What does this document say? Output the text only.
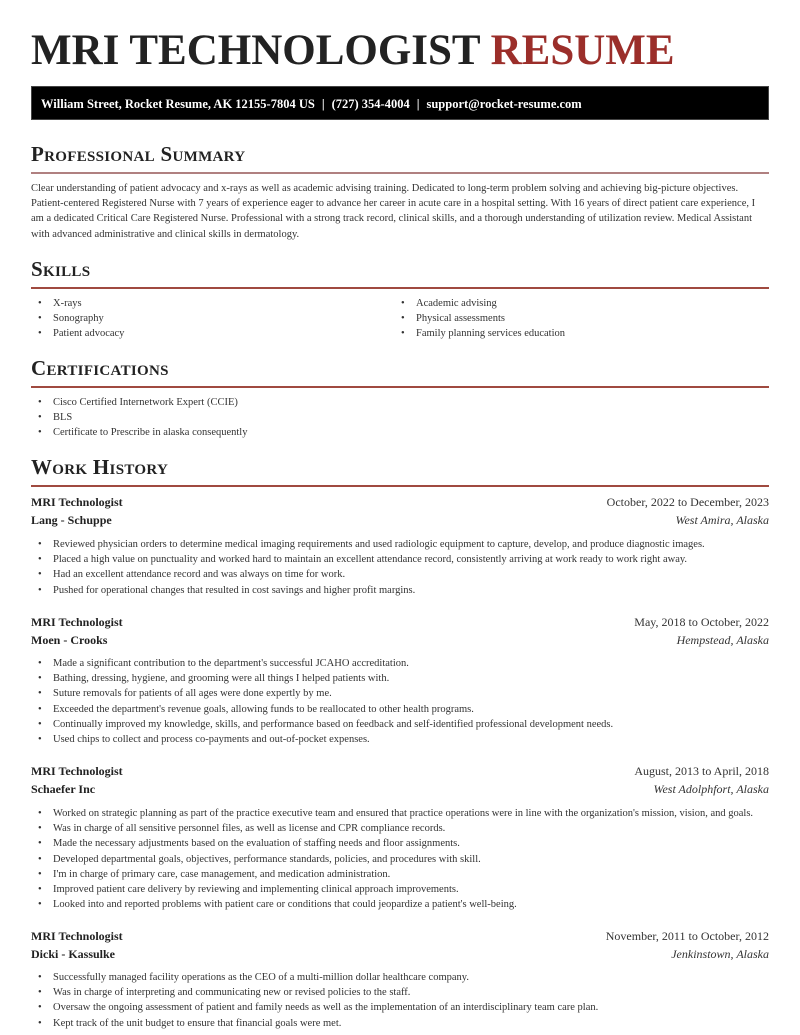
MRI TECHNOLOGIST RESUME
William Street, Rocket Resume, AK 12155-7804 US | (727) 354-4004 | support@rocket-resume.com
Professional Summary

Clear understanding of patient advocacy and x-rays as well as academic advising training. Dedicated to long-term problem solving and achieving big-picture objectives. Patient-centered Registered Nurse with 7 years of experience eager to advance her career in acute care in a hospital setting. With 16 years of direct patient care experience, I am a dedicated Critical Care Registered Nurse. Professional with a strong track record, clinical skills, and a thorough understanding of utilization review. Medical Assistant with advanced administrative and clinical skills in dermatology.

Skills
• X-rays
• Sonography
• Patient advocacy
• Academic advising
• Physical assessments
• Family planning services education
Certifications
• Cisco Certified Internetwork Expert (CCIE)
• BLS
• Certificate to Prescribe in alaska consequently
Work History
MRI Technologist	October, 2022 to December, 2023
Lang - Schuppe	West Amira, Alaska
• Reviewed physician orders to determine medical imaging requirements and used radiologic equipment to capture, develop, and produce diagnostic images.
• Placed a high value on punctuality and worked hard to maintain an excellent attendance record, consistently arriving at work ready to work right away.
• Had an excellent attendance record and was always on time for work.
• Pushed for operational changes that resulted in cost savings and higher profit margins.
MRI Technologist	May, 2018 to October, 2022
Moen - Crooks	Hempstead, Alaska
• Made a significant contribution to the department's successful JCAHO accreditation.
• Bathing, dressing, hygiene, and grooming were all things I helped patients with.
• Suture removals for patients of all ages were done expertly by me.
• Exceeded the department's revenue goals, allowing funds to be reallocated to other health programs.
• Continually improved my knowledge, skills, and performance based on feedback and self-identified professional development needs.
• Used chips to collect and process co-payments and out-of-pocket expenses.
MRI Technologist	August, 2013 to April, 2018
Schaefer Inc	West Adolphfort, Alaska
• Worked on strategic planning as part of the practice executive team and ensured that practice operations were in line with the organization's mission, vision, and goals.
• Was in charge of all sensitive personnel files, as well as license and CPR compliance records.
• Made the necessary adjustments based on the evaluation of staffing needs and floor assignments.
• Developed departmental goals, objectives, performance standards, policies, and procedures with skill.
• I'm in charge of primary care, case management, and medication administration.
• Improved patient care delivery by reviewing and implementing clinical approach improvements.
• Looked into and reported problems with patient care or conditions that could jeopardize a patient's well-being.
MRI Technologist	November, 2011 to October, 2012
Dicki - Kassulke	Jenkinstown, Alaska
• Successfully managed facility operations as the CEO of a multi-million dollar healthcare company.
• Was in charge of interpreting and communicating new or revised policies to the staff.
• Oversaw the ongoing assessment of patient and family needs as well as the implementation of an interdisciplinary team care plan.
• Kept track of the unit budget to ensure that financial goals were met.
